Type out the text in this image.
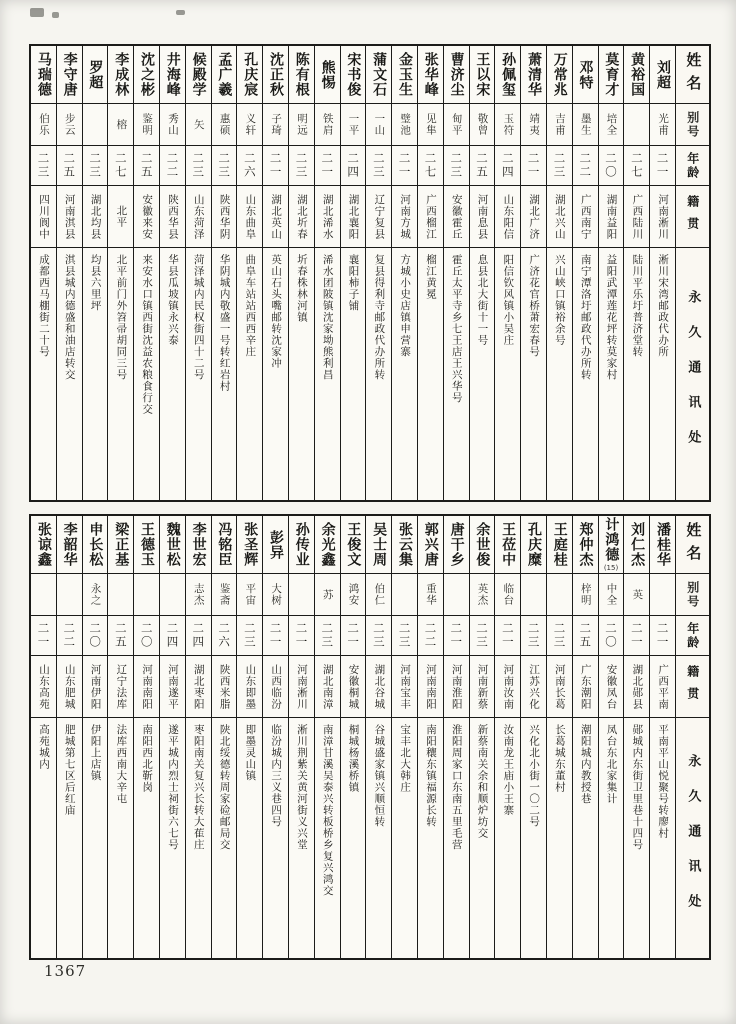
姓名
别号
年龄
籍贯
永久通讯处
刘超
光甫
二一
河南淅川
淅川宋湾邮政代办所
黄裕国
二七
广西陆川
陆川平乐圩普济堂转
莫育才
培全
二〇
湖南益阳
益阳武潭莲花坪转莫家村
邓特
墨生
二二
广西南宁
南宁潭洛圩邮政代办所转
万常兆
吉甫
二三
湖北兴山
兴山峡口镇裕余号
萧清华
靖夷
二一
湖北广济
广济花官桥萧宏春号
孙佩玺
玉符
二四
山东阳信
阳信钦风镇小吴庄
王以宋
敬曾
二五
河南息县
息县北大街十一号
曹济尘
甸平
二三
安徽霍丘
霍丘太平寺乡七王店王兴华号
张华峰
见隼
二七
广西榴江
榴江黄冕
金玉生
璧池
二一
河南方城
方城小史店镇申营寨
蒲文石
一山
二三
辽宁复县
复县得利寺邮政代办所转
宋书俊
一平
二四
湖北襄阳
襄阳柿子铺
熊惕
铁肩
二一
湖北浠水
浠水团陂镇沈家坳熊利昌
陈有根
明远
二三
湖北圻春
圻春株林河镇
沈正秋
子琦
二一
湖北英山
英山石头嘴邮转沈家冲
孔庆宸
义轩
二六
山东曲阜
曲阜车站站西西辛庄
孟广羲
惠硕
二三
陕西华阴
华阴城内敬盛一号转红岩村
候殿学
矢
二三
山东菏泽
菏泽城内民权街四十二号
井海峰
秀山
二二
陕西华县
华县瓜坡镇永兴泰
沈之彬
鉴明
二五
安徽来安
来安水口镇西街沈益农粮食行交
李成林
榕
二七
北平
北平前门外笤帚胡同三号
罗超
二三
湖北均县
均县六里坪
李守唐
步云
二五
河南淇县
淇县城内德盛和油店转交
马瑞德
伯乐
二三
四川阆中
成都西马棚街二十号
姓名
别号
年龄
籍贯
永久通讯处
潘桂华
二一
广西平南
平南平山悦聚号转廖村
刘仁杰
英
二一
湖北郧县
郧城内东街卫里巷十四号
计鸿德
(15)
中全
二〇
安徽凤台
凤台东北家集计
郑仲杰
梓明
二五
广东潮阳
潮阳城内教授巷
王庭桂
二三
河南长葛
长葛城东董村
孔庆糜
二三
江苏兴化
兴化北小街一〇二号
王莅中
临台
二一
河南汝南
汝南龙王庙小王寨
余世俊
英杰
二三
河南新蔡
新蔡南关余和顺炉坊交
唐干乡
二一
河南淮阳
淮阳周家口东南五里毛营
郭兴唐
重华
二二
河南南阳
南阳穰东镇福源长转
张云集
二三
河南宝丰
宝丰北大韩庄
吴士周
伯仁
二三
湖北谷城
谷城盛家镇兴顺恒转
王俊文
鸿安
二一
安徽桐城
桐城杨溪桥镇
余光鑫
苏
二三
湖北南漳
南漳甘溪吴泰兴转板桥乡复兴鸿交
孙传业
二一
河南淅川
淅川荆紫关黄河街义兴堂
彭异
大树
二一
山西临汾
临汾城内三义巷四号
张圣辉
平宙
二三
山东即墨
即墨灵山镇
冯铭臣
鉴斋
二六
陕西米脂
陕北绥德转周家硷邮局交
李世宏
志杰
二四
湖北枣阳
枣阳南关复兴长转大萑庄
魏世松
二四
河南遂平
遂平城内烈士祠街六七号
王德玉
二〇
河南南阳
南阳西北靳岗
梁正基
二五
辽宁法库
法库西南大辛屯
申长松
永之
二〇
河南伊阳
伊阳上店镇
李韶华
二二
山东肥城
肥城第七区后红庙
张谅鑫
二一
山东高苑
高苑城内
1367
